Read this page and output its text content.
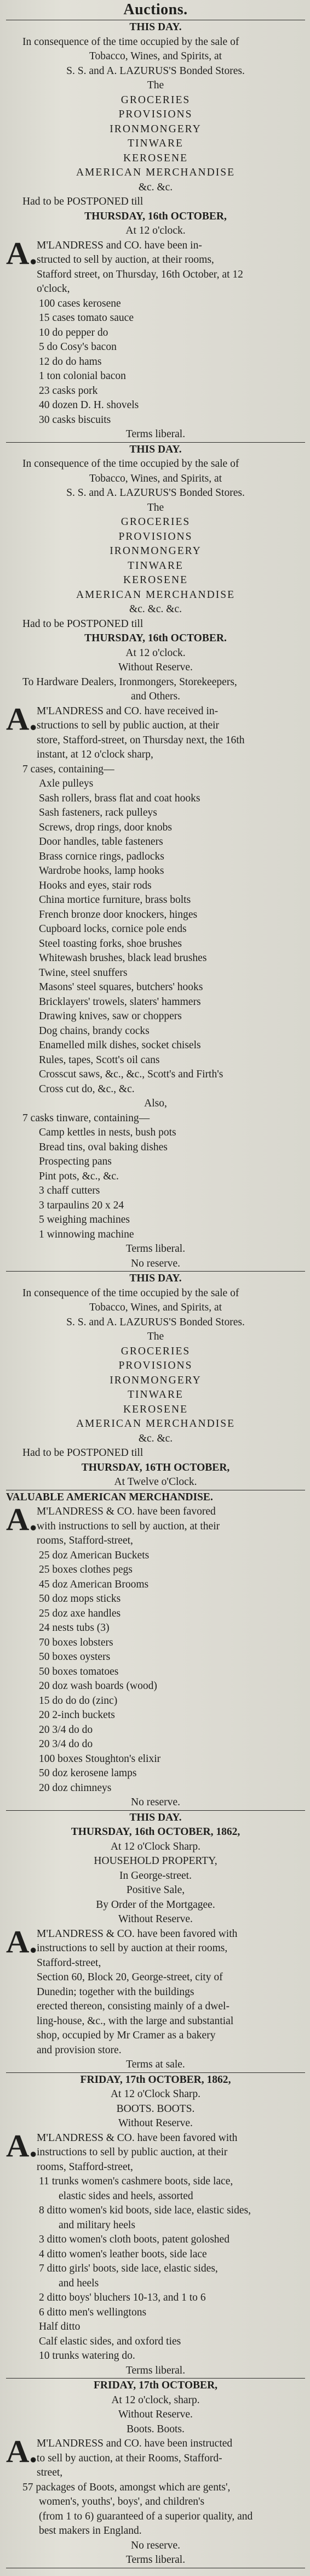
Auctions.

THIS DAY.

In consequence of the time occupied by the sale of

Tobacco, Wines, and Spirits, at

S. S. and A. LAZURUS'S Bonded Stores.

The

GROCERIES

PROVISIONS

IRONMONGERY

TINWARE

KEROSENE

AMERICAN MERCHANDISE

&c. &c.

Had to be POSTPONED till

THURSDAY, 16th OCTOBER,

At 12 o'clock.

A.

M'LANDRESS and CO. have been in-

structed to sell by auction, at their rooms,

Stafford street, on Thursday, 16th October, at 12

o'clock,

100 cases kerosene

15 cases tomato sauce

10 do pepper do

5 do Cosy's bacon

12 do do hams

1 ton colonial bacon

23 casks pork

40 dozen D. H. shovels

30 casks biscuits

Terms liberal.

THIS DAY.

In consequence of the time occupied by the sale of

Tobacco, Wines, and Spirits, at

S. S. and A. LAZURUS'S Bonded Stores.

The

GROCERIES

PROVISIONS

IRONMONGERY

TINWARE

KEROSENE

AMERICAN MERCHANDISE

&c. &c. &c.

Had to be POSTPONED till

THURSDAY, 16th OCTOBER.

At 12 o'clock.

Without Reserve.

To Hardware Dealers, Ironmongers, Storekeepers,

and Others.

A.

M'LANDRESS and CO. have received in-

structions to sell by public auction, at their

store, Stafford-street, on Thursday next, the 16th

instant, at 12 o'clock sharp,

7 cases, containing—

Axle pulleys

Sash rollers, brass flat and coat hooks

Sash fasteners, rack pulleys

Screws, drop rings, door knobs

Door handles, table fasteners

Brass cornice rings, padlocks

Wardrobe hooks, lamp hooks

Hooks and eyes, stair rods

China mortice furniture, brass bolts

French bronze door knockers, hinges

Cupboard locks, cornice pole ends

Steel toasting forks, shoe brushes

Whitewash brushes, black lead brushes

Twine, steel snuffers

Masons' steel squares, butchers' hooks

Bricklayers' trowels, slaters' hammers

Drawing knives, saw or choppers

Dog chains, brandy cocks

Enamelled milk dishes, socket chisels

Rules, tapes, Scott's oil cans

Crosscut saws, &c., &c., Scott's and Firth's

Cross cut do, &c., &c.

Also,

7 casks tinware, containing—

Camp kettles in nests, bush pots

Bread tins, oval baking dishes

Prospecting pans

Pint pots, &c., &c.

3 chaff cutters

3 tarpaulins 20 x 24

5 weighing machines

1 winnowing machine

Terms liberal.

No reserve.

THIS DAY.

In consequence of the time occupied by the sale of

Tobacco, Wines, and Spirits, at

S. S. and A. LAZURUS'S Bonded Stores.

The

GROCERIES

PROVISIONS

IRONMONGERY

TINWARE

KEROSENE

AMERICAN MERCHANDISE

&c. &c.

Had to be POSTPONED till

THURSDAY, 16TH OCTOBER,

At Twelve o'Clock.

VALUABLE AMERICAN MERCHANDISE.

A.

M'LANDRESS & CO. have been favored

with instructions to sell by auction, at their

rooms, Stafford-street,

25 doz American Buckets

25 boxes clothes pegs

45 doz American Brooms

50 doz mops sticks

25 doz axe handles

24 nests tubs (3)

70 boxes lobsters

50 boxes oysters

50 boxes tomatoes

20 doz wash boards (wood)

15 do do do (zinc)

20 2-inch buckets

20 3/4 do do

20 3/4 do do

100 boxes Stoughton's elixir

50 doz kerosene lamps

20 doz chimneys

No reserve.

THIS DAY.

THURSDAY, 16th OCTOBER, 1862,

At 12 o'Clock Sharp.

HOUSEHOLD PROPERTY,

In George-street.

Positive Sale,

By Order of the Mortgagee.

Without Reserve.

A.

M'LANDRESS & CO. have been favored with

instructions to sell by auction at their rooms,

Stafford-street,

Section 60, Block 20, George-street, city of

Dunedin; together with the buildings

erected thereon, consisting mainly of a dwel-

ling-house, &c., with the large and substantial

shop, occupied by Mr Cramer as a bakery

and provision store.

Terms at sale.

FRIDAY, 17th OCTOBER, 1862,

At 12 o'Clock Sharp.

BOOTS. BOOTS.

Without Reserve.

A.

M'LANDRESS & CO. have been favored with

instructions to sell by public auction, at their

rooms, Stafford-street,

11 trunks women's cashmere boots, side lace,

elastic sides and heels, assorted

8 ditto women's kid boots, side lace, elastic sides,

and military heels

3 ditto women's cloth boots, patent goloshed

4 ditto women's leather boots, side lace

7 ditto girls' boots, side lace, elastic sides,

and heels

2 ditto boys' bluchers 10-13, and 1 to 6

6 ditto men's wellingtons

Half ditto

Calf elastic sides, and oxford ties

10 trunks watering do.

Terms liberal.

FRIDAY, 17th OCTOBER,

At 12 o'clock, sharp.

Without Reserve.

Boots. Boots.

A.

M'LANDRESS and CO. have been instructed

to sell by auction, at their Rooms, Stafford-

street,

57 packages of Boots, amongst which are gents',

women's, youths', boys', and children's

(from 1 to 6) guaranteed of a superior quality, and

best makers in England.

No reserve.

Terms liberal.
